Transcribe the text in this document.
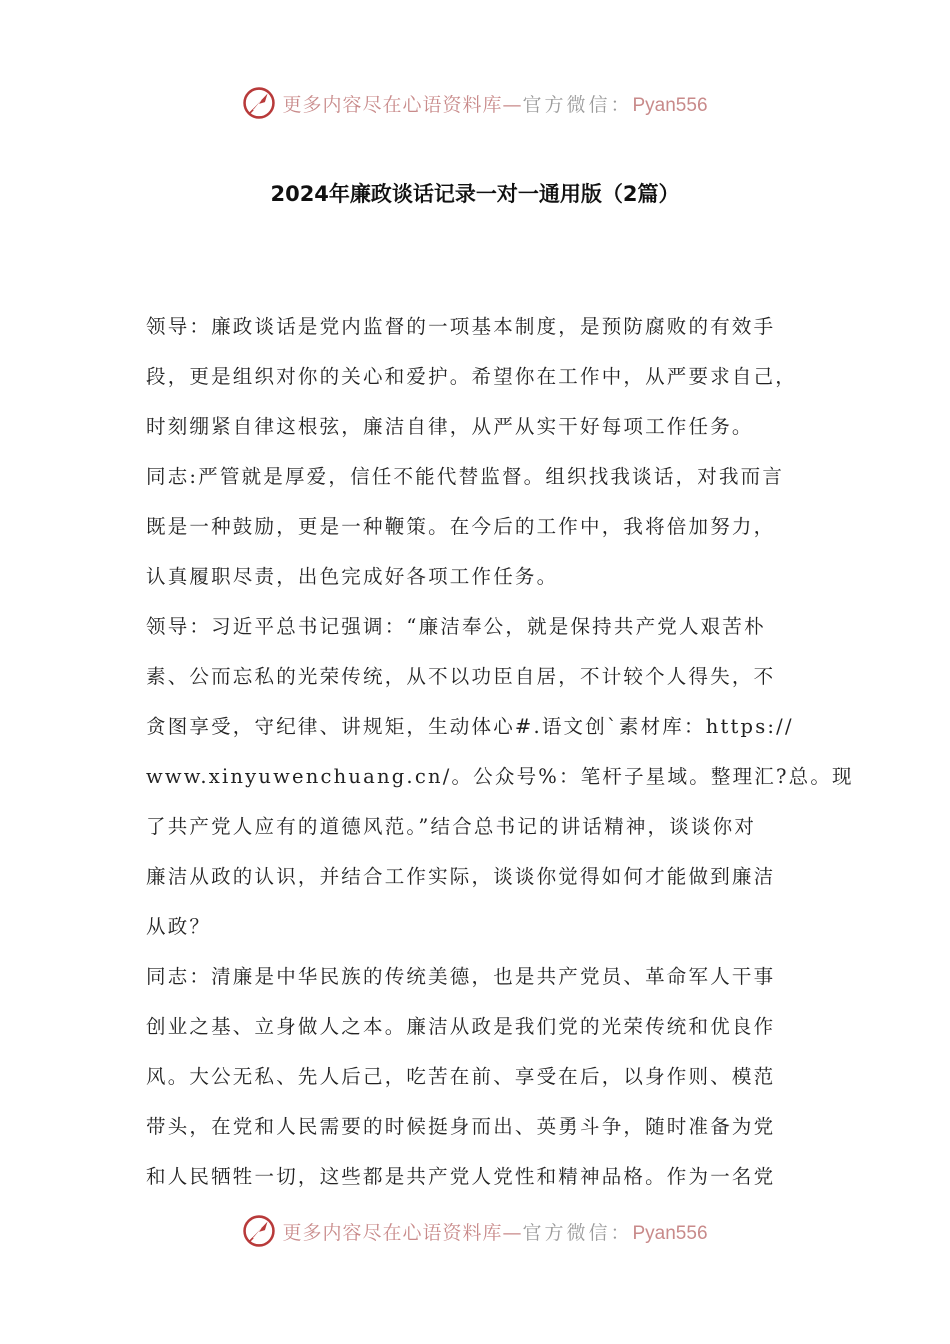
更多内容尽在心语资料库—官方微信：Pyan556
2024年廉政谈话记录一对一通用版（2篇）
领导：廉政谈话是党内监督的一项基本制度，是预防腐败的有效手
段，更是组织对你的关心和爱护。希望你在工作中，从严要求自己，
时刻绷紧自律这根弦，廉洁自律，从严从实干好每项工作任务。
同志:严管就是厚爱，信任不能代替监督。组织找我谈话，对我而言
既是一种鼓励，更是一种鞭策。在今后的工作中，我将倍加努力，
认真履职尽责，出色完成好各项工作任务。
领导：习近平总书记强调：“廉洁奉公，就是保持共产党人艰苦朴
素、公而忘私的光荣传统，从不以功臣自居，不计较个人得失，不
贪图享受，守纪律、讲规矩，生动体心#.语文创`素材库：https://
www.xinyuwenchuang.cn/。公众号%：笔杆子星域。整理汇?总。现
了共产党人应有的道德风范。”结合总书记的讲话精神，谈谈你对
廉洁从政的认识，并结合工作实际，谈谈你觉得如何才能做到廉洁
从政？
同志：清廉是中华民族的传统美德，也是共产党员、革命军人干事
创业之基、立身做人之本。廉洁从政是我们党的光荣传统和优良作
风。大公无私、先人后己，吃苦在前、享受在后，以身作则、模范
带头，在党和人民需要的时候挺身而出、英勇斗争，随时准备为党
和人民牺牲一切，这些都是共产党人党性和精神品格。作为一名党
更多内容尽在心语资料库—官方微信：Pyan556
